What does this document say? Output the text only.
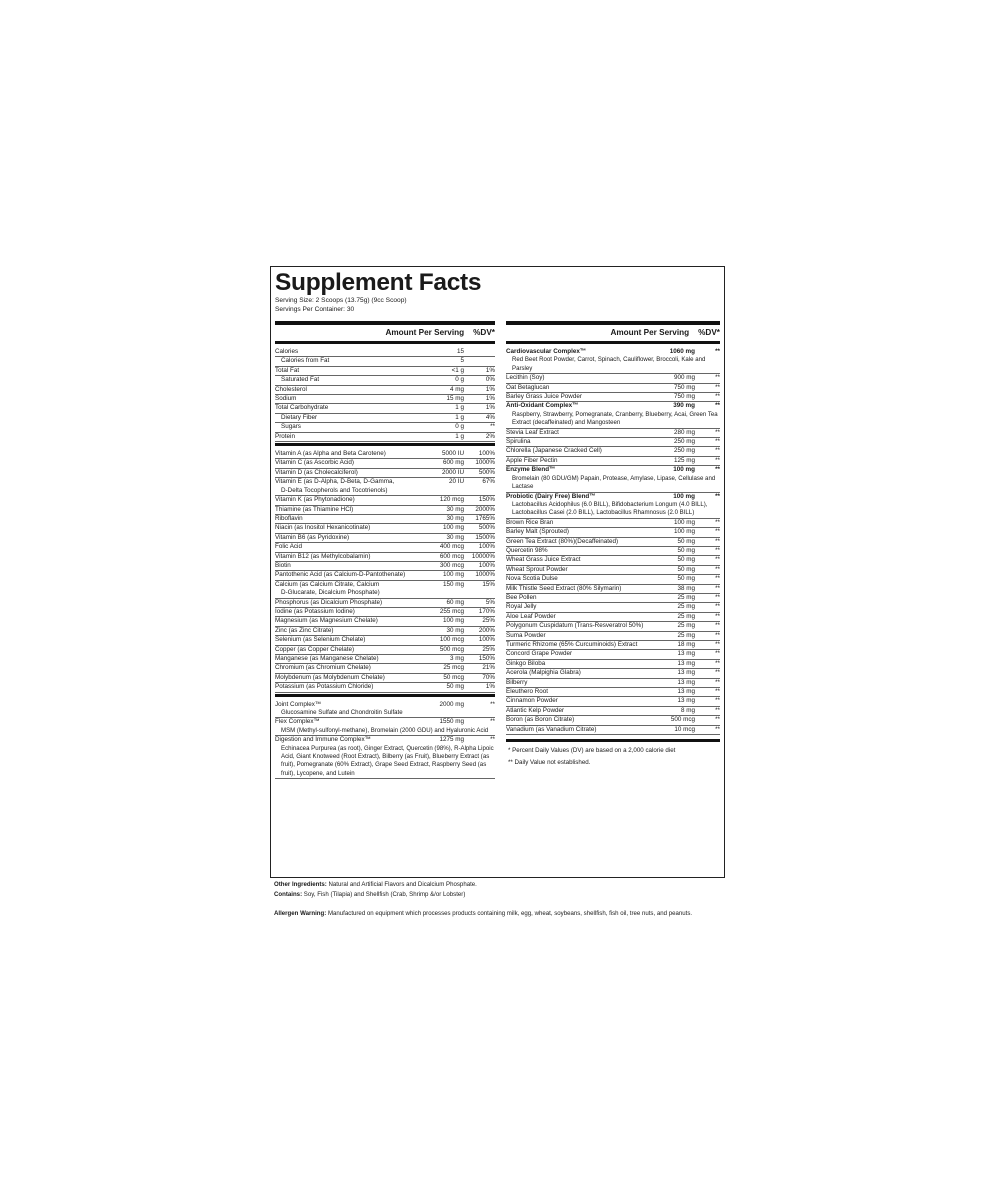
Supplement Facts
Serving Size: 2 Scoops (13.75g) (9cc Scoop)
Servings Per Container: 30
Amount Per Serving %DV*
Calories	15
Calories from Fat	5
Total Fat	<1 g	1%
Saturated Fat	0 g	0%
Cholesterol	4 mg	1%
Sodium	15 mg	1%
Total Carbohydrate	1 g	1%
Dietary Fiber	1 g	4%
Sugars	0 g	**
Protein	1 g	2%
Vitamin A (as Alpha and Beta Carotene)	5000 IU	100%
Vitamin C (as Ascorbic Acid)	600 mg	1000%
Vitamin D (as Cholecalciferol)	2000 IU	500%
Vitamin E (as D-Alpha, D-Beta, D-Gamma,
D-Delta Tocopherols and Tocotrienols)
20 IU	67%
Vitamin K (as Phytonadione)	120 mcg	150%
Thiamine (as Thiamine HCl)	30 mg	2000%
Riboflavin	30 mg	1765%
Niacin (as Inositol Hexanicotinate)	100 mg	500%
Vitamin B6 (as Pyridoxine)	30 mg	1500%
Folic Acid	400 mcg	100%
Vitamin B12 (as Methylcobalamin)	600 mcg	10000%
Biotin	300 mcg	100%
Pantothenic Acid (as Calcium-D-Pantothenate)	100 mg	1000%
Calcium (as Calcium Citrate, Calcium
D-Glucarate, Dicalcium Phosphate)
150 mg	15%
Phosphorus (as Dicalcium Phosphate)	60 mg	5%
Iodine (as Potassium Iodine)	255 mcg	170%
Magnesium (as Magnesium Chelate)	100 mg	25%
Zinc (as Zinc Citrate)	30 mg	200%
Selenium (as Selenium Chelate)	100 mcg	100%
Copper (as Copper Chelate)	500 mcg	25%
Manganese (as Manganese Chelate)	3 mg	150%
Chromium (as Chromium Chelate)	25 mcg	21%
Molybdenum (as Molybdenum Chelate)	50 mcg	70%
Potassium (as Potassium Chloride)	50 mg	1%
Joint Complex™	2000 mg	**
Glucosamine Sulfate and Chondroitin Sulfate
Flex Complex™	1550 mg	**
MSM (Methyl-sulfonyl-methane), Bromelain (2000 GDU) and Hyaluronic Acid
Digestion and Immune Complex™	1275 mg	**
Echinacea Purpurea (as root), Ginger Extract, Quercetin (98%), R-Alpha Lipoic Acid, Giant Knotweed (Root Extract), Bilberry (as Fruit), Blueberry Extract (as fruit), Pomegranate (60% Extract), Grape Seed Extract, Raspberry Seed (as fruit), Lycopene, and Lutein
Amount Per Serving %DV*
Cardiovascular Complex™	1060 mg	**
Red Beet Root Powder, Carrot, Spinach, Cauliflower, Broccoli, Kale and Parsley
Lecithin (Soy)	900 mg	**
Oat Betaglucan	750 mg	**
Barley Grass Juice Powder	750 mg	**
Anti-Oxidant Complex™	390 mg	**
Raspberry, Strawberry, Pomegranate, Cranberry, Blueberry, Acai, Green Tea Extract (decaffeinated) and Mangosteen
Stevia Leaf Extract	280 mg	**
Spirulina	250 mg	**
Chlorella (Japanese Cracked Cell)	250 mg	**
Apple Fiber Pectin	125 mg	**
Enzyme Blend™	100 mg	**
Bromelain (80 GDU/GM) Papain, Protease, Amylase, Lipase, Cellulase and Lactase
Probiotic (Dairy Free) Blend™	100 mg	**
Lactobacillus Acidophilus (6.0 BILL), Bifidobacterium Longum (4.0 BILL), Lactobacillus Casei (2.0 BILL), Lactobacillus Rhamnosus (2.0 BILL)
Brown Rice Bran	100 mg	**
Barley Malt (Sprouted)	100 mg	**
Green Tea Extract (80%)(Decaffeinated)	50 mg	**
Quercetin 98%	50 mg	**
Wheat Grass Juice Extract	50 mg	**
Wheat Sprout Powder	50 mg	**
Nova Scotia Dulse	50 mg	**
Milk Thistle Seed Extract (80% Silymarin)	38 mg	**
Bee Pollen	25 mg	**
Royal Jelly	25 mg	**
Aloe Leaf Powder	25 mg	**
Polygonum Cuspidatum (Trans-Resveratrol 50%)	25 mg	**
Suma Powder	25 mg	**
Turmeric Rhizome (65% Curcuminoids) Extract	18 mg	**
Concord Grape Powder	13 mg	**
Ginkgo Biloba	13 mg	**
Acerola (Malpighia Glabra)	13 mg	**
Bilberry	13 mg	**
Eleuthero Root	13 mg	**
Cinnamon Powder	13 mg	**
Atlantic Kelp Powder	8 mg	**
Boron (as Boron Citrate)	500 mcg	**
Vanadium (as Vanadium Citrate)	10 mcg	**
* Percent Daily Values (DV) are based on a 2,000 calorie diet
** Daily Value not established.
Other Ingredients: Natural and Artificial Flavors and Dicalcium Phosphate.
Contains: Soy, Fish (Tilapia) and Shellfish (Crab, Shrimp &/or Lobster)
Allergen Warning: Manufactured on equipment which processes products containing milk, egg, wheat, soybeans, shellfish, fish oil, tree nuts, and peanuts.
